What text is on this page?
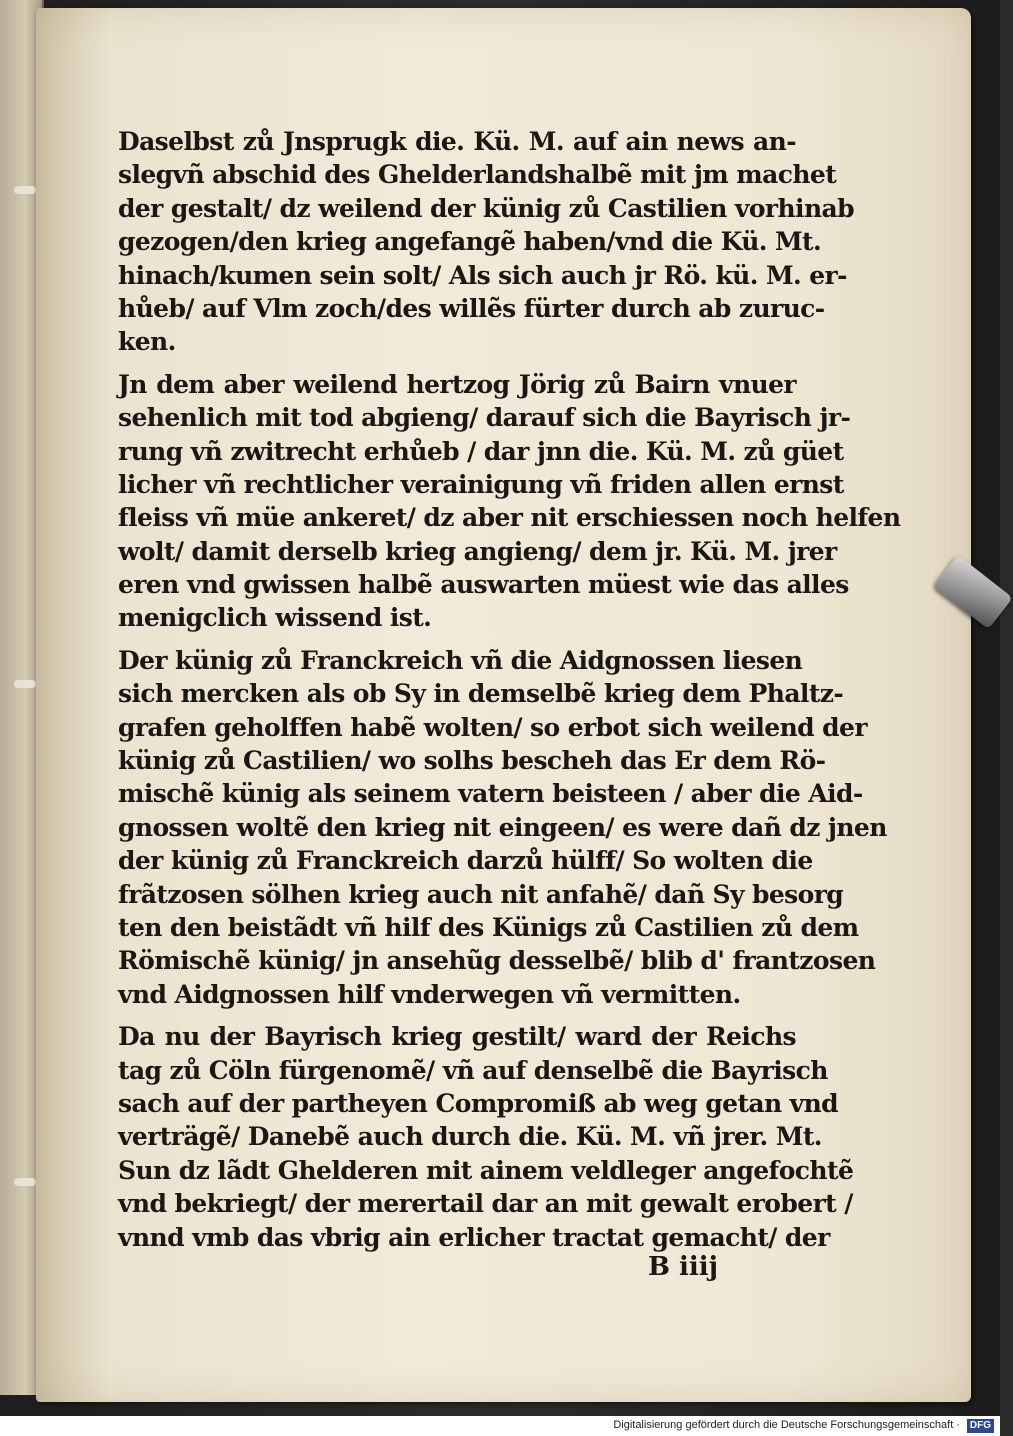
Daselbst zů Jnsprugk die. Kü. M. auf ain news an-
slegvñ abschid des Ghelderlandshalbẽ mit jm machet
der gestalt/ dz weilend der künig zů Castilien vorhinab
gezogen/den krieg angefangẽ haben/vnd die Kü. Mt.
hinach/kumen sein solt/ Als sich auch jr Rö. kü. M. er-
hůeb/ auf Vlm zoch/des willẽs fürter durch ab zuruc-
ken.
Jn dem aber weilend hertzog Jörig zů Bairn vnuer
sehenlich mit tod abgieng/ darauf sich die Bayrisch jr-
rung vñ zwitrecht erhůeb / dar jnn die. Kü. M. zů güet
licher vñ rechtlicher verainigung vñ friden allen ernst
fleiss vñ müe ankeret/ dz aber nit erschiessen noch helfen
wolt/ damit derselb krieg angieng/ dem jr. Kü. M. jrer
eren vnd gwissen halbẽ auswarten müest wie das alles
menigclich wissend ist.
Der künig zů Franckreich vñ die Aidgnossen liesen
sich mercken als ob Sy in demselbẽ krieg dem Phaltz-
grafen geholffen habẽ wolten/ so erbot sich weilend der
künig zů Castilien/ wo solhs bescheh das Er dem Rö-
mischẽ künig als seinem vatern beisteen / aber die Aid-
gnossen woltẽ den krieg nit eingeen/ es were dañ dz jnen
der künig zů Franckreich darzů hülff/ So wolten die
frãtzosen sölhen krieg auch nit anfahẽ/ dañ Sy besorg
ten den beistãdt vñ hilf des Künigs zů Castilien zů dem
Römischẽ künig/ jn ansehũg desselbẽ/ blib d' frantzosen
vnd Aidgnossen hilf vnderwegen vñ vermitten.
Da nu der Bayrisch krieg gestilt/ ward der Reichs
tag zů Cöln fürgenomẽ/ vñ auf denselbẽ die Bayrisch
sach auf der partheyen Compromiß ab weg getan vnd
verträgẽ/ Danebẽ auch durch die. Kü. M. vñ jrer. Mt.
Sun dz lãdt Ghelderen mit ainem veldleger angefochtẽ
vnd bekriegt/ der merertail dar an mit gewalt erobert /
vnnd vmb das vbrig ain erlicher tractat gemacht/ der
B iiij
Digitalisierung gefördert durch die Deutsche Forschungsgemeinschaft · DFG
